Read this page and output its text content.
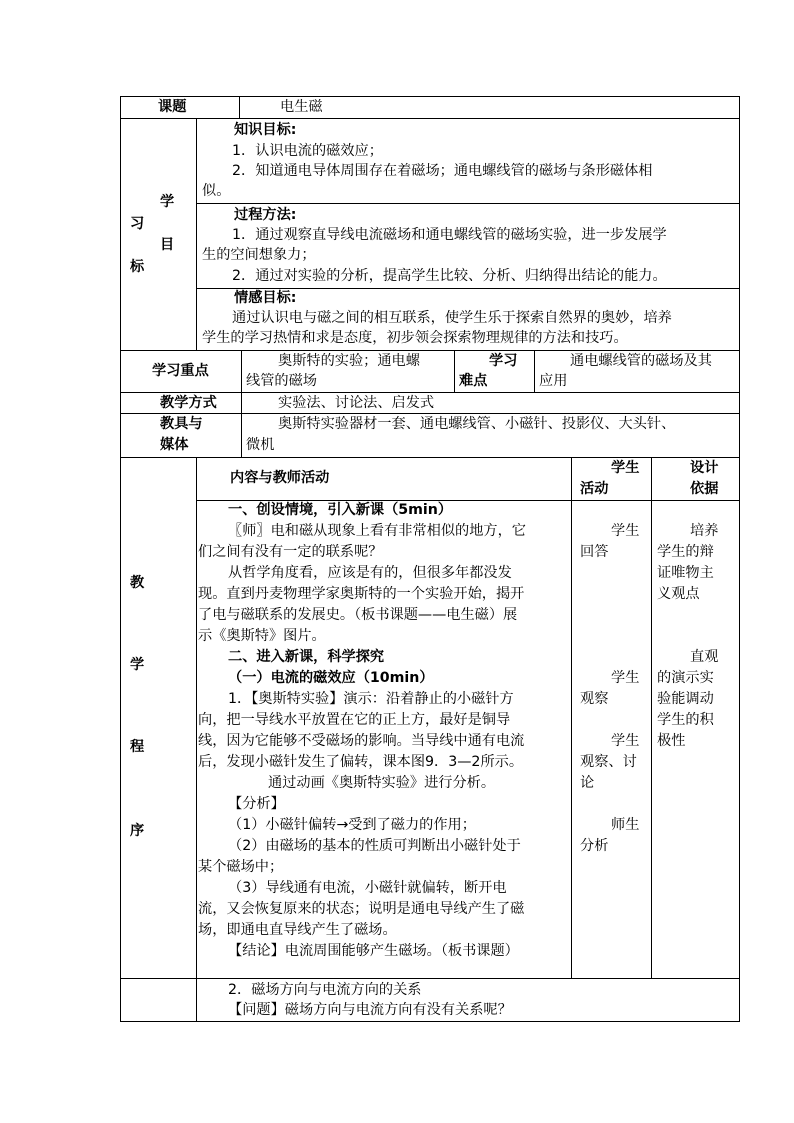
课题	电生磁
学
习
目
标
知识目标:
1．认识电流的磁效应；
2．知道通电导体周围存在着磁场；通电螺线管的磁场与条形磁体相
似。
过程方法:
1．通过观察直导线电流磁场和通电螺线管的磁场实验，进一步发展学
生的空间想象力；
2．通过对实验的分析，提高学生比较、分析、归纳得出结论的能力。
情感目标:
通过认识电与磁之间的相互联系，使学生乐于探索自然界的奥妙，培养
学生的学习热情和求是态度，初步领会探索物理规律的方法和技巧。
学习重点
奥斯特的实验；通电螺
线管的磁场
学习
难点
通电螺线管的磁场及其
应用
教学方式	实验法、讨论法、启发式
教具与
媒体
奥斯特实验器材一套、通电螺线管、小磁针、投影仪、大头针、
微机
教
学
程
序
内容与教师活动
学生
活动
设计
依据
一、创设情境，引入新课（5min）
〖师〗电和磁从现象上看有非常相似的地方，它
们之间有没有一定的联系呢？
从哲学角度看，应该是有的，但很多年都没发
现。直到丹麦物理学家奥斯特的一个实验开始，揭开
了电与磁联系的发展史。（板书课题——电生磁）展
示《奥斯特》图片。
二、进入新课，科学探究
（一）电流的磁效应（10min）
1．【奥斯特实验】演示：沿着静止的小磁针方
向，把一导线水平放置在它的正上方，最好是铜导
线，因为它能够不受磁场的影响。当导线中通有电流
后，发现小磁针发生了偏转，课本图9．3—2所示。
通过动画《奥斯特实验》进行分析。
【分析】
（1）小磁针偏转→受到了磁力的作用；
（2）由磁场的基本的性质可判断出小磁针处于
某个磁场中；
（3）导线通有电流，小磁针就偏转，断开电
流，又会恢复原来的状态；说明是通电导线产生了磁
场，即通电直导线产生了磁场。
【结论】电流周围能够产生磁场。（板书课题）
学生
回答
学生
观察
学生
观察、讨
论
师生
分析
培养
学生的辩
证唯物主
义观点
直观
的演示实
验能调动
学生的积
极性
2．磁场方向与电流方向的关系
【问题】磁场方向与电流方向有没有关系呢？
